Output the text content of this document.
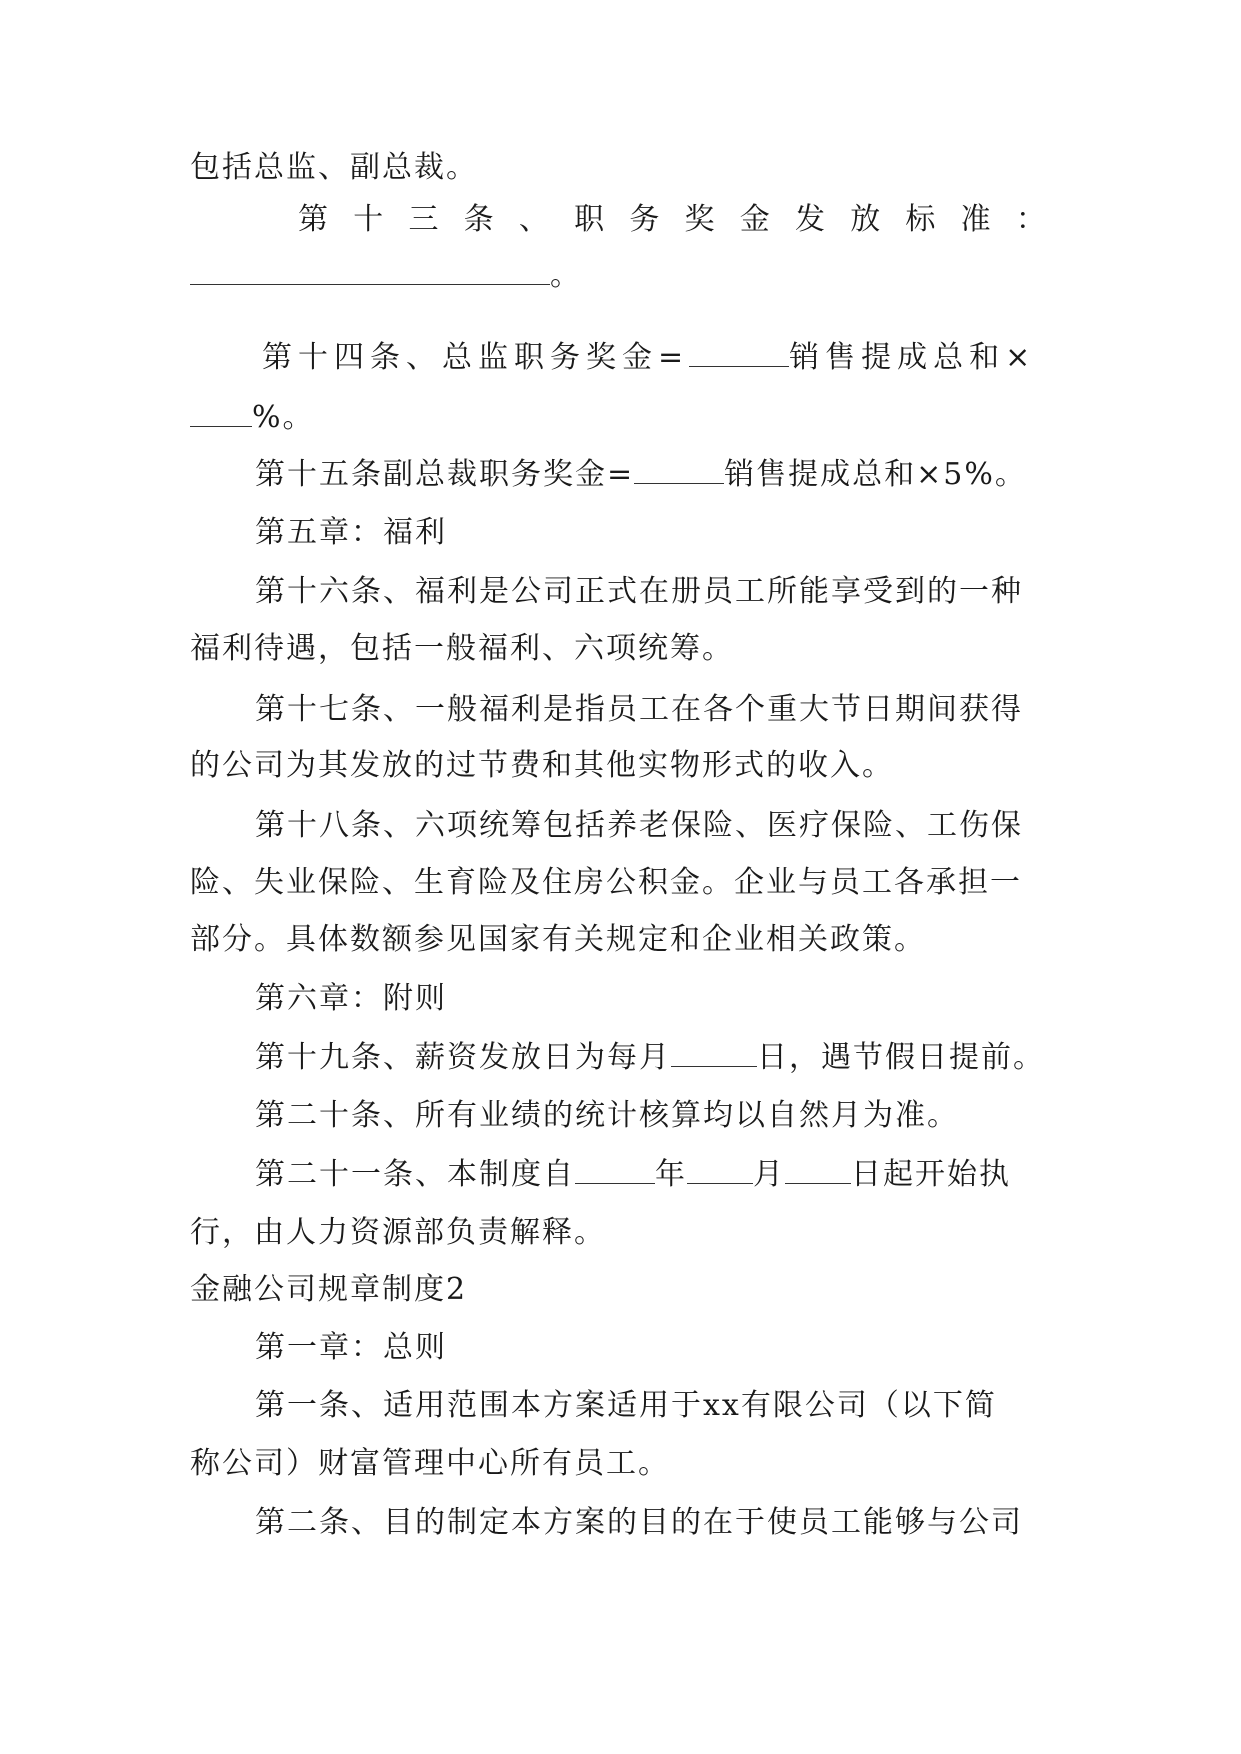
包括总监、副总裁。
第 十 三 条 、 职 务 奖 金 发 放 标 准 ：
。
第十四条、总监职务奖金=	销售提成总和×
%。
第十五条副总裁职务奖金=	销售提成总和×5%。
第五章：福利
第十六条、福利是公司正式在册员工所能享受到的一种
福利待遇，包括一般福利、六项统筹。
第十七条、一般福利是指员工在各个重大节日期间获得
的公司为其发放的过节费和其他实物形式的收入。
第十八条、六项统筹包括养老保险、医疗保险、工伤保
险、失业保险、生育险及住房公积金。企业与员工各承担一
部分。具体数额参见国家有关规定和企业相关政策。
第六章：附则
第十九条、薪资发放日为每月	日，遇节假日提前。
第二十条、所有业绩的统计核算均以自然月为准。
第二十一条、本制度自	年 月 日起开始执
行，由人力资源部负责解释。
金融公司规章制度2
第一章：总则
第一条、适用范围本方案适用于xx有限公司（以下简
称公司）财富管理中心所有员工。
第二条、目的制定本方案的目的在于使员工能够与公司
